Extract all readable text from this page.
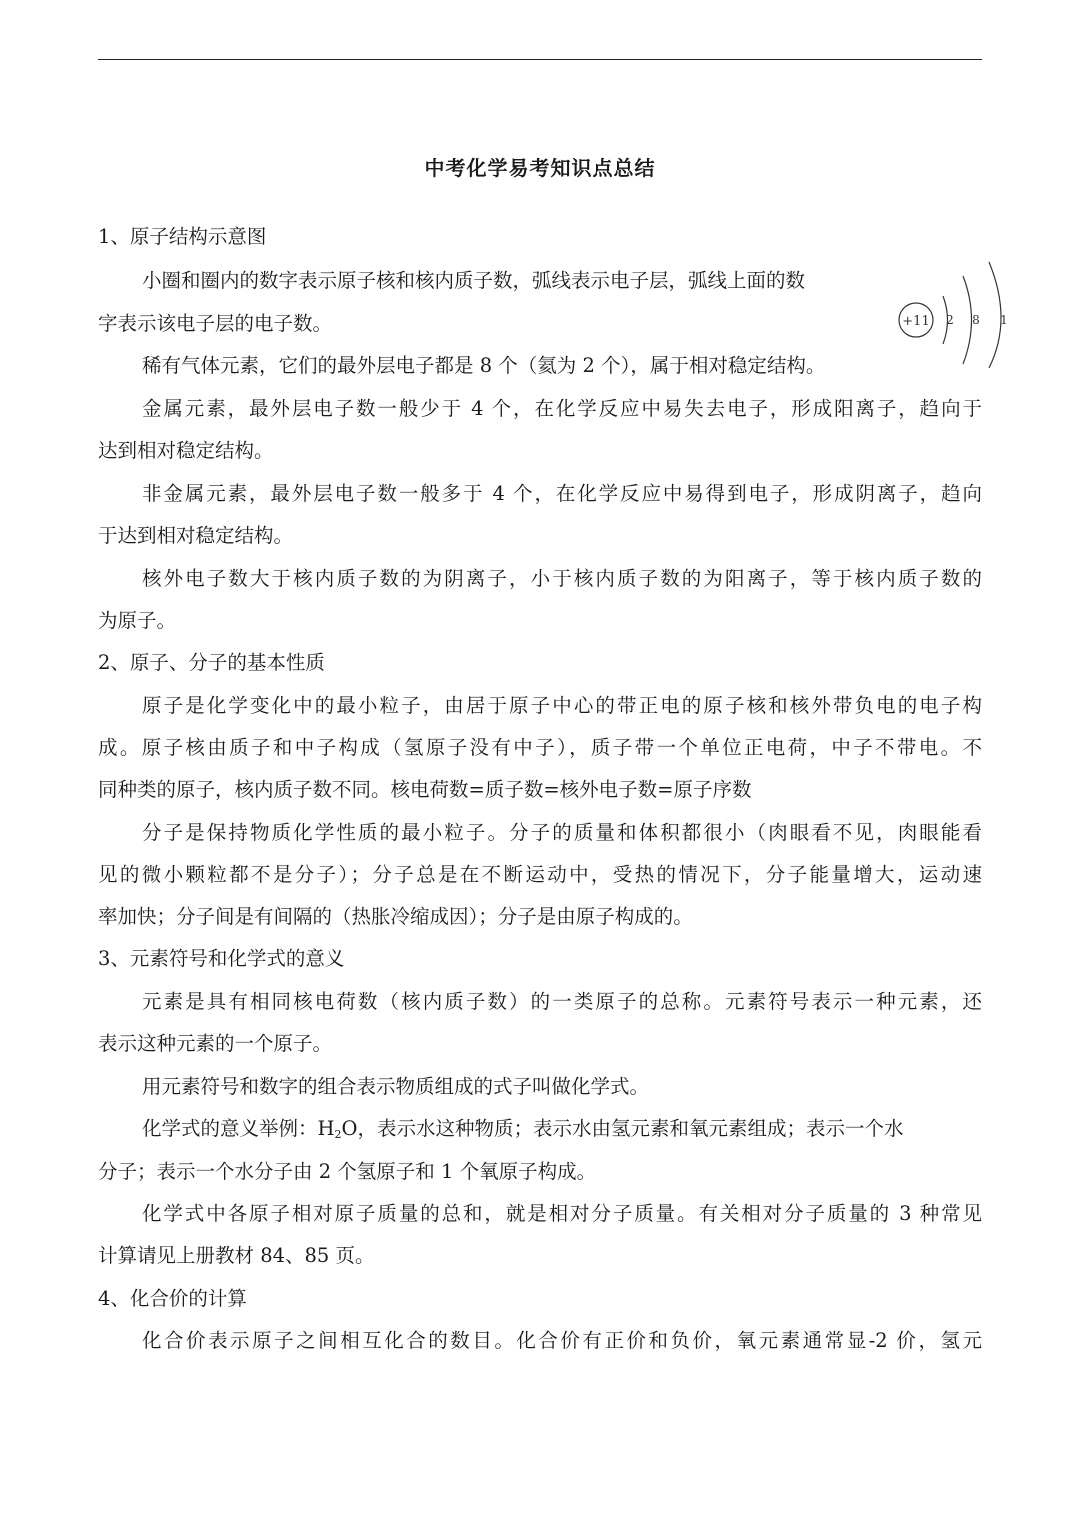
中考化学易考知识点总结
1、原子结构示意图
小圈和圈内的数字表示原子核和核内质子数，弧线表示电子层，弧线上面的数
字表示该电子层的电子数。
稀有气体元素，它们的最外层电子都是 8 个（氦为 2 个），属于相对稳定结构。
金属元素，最外层电子数一般少于 4 个，在化学反应中易失去电子，形成阳离子，趋向于
达到相对稳定结构。
非金属元素，最外层电子数一般多于 4 个，在化学反应中易得到电子，形成阴离子，趋向
于达到相对稳定结构。
核外电子数大于核内质子数的为阴离子，小于核内质子数的为阳离子，等于核内质子数的
为原子。
2、原子、分子的基本性质
原子是化学变化中的最小粒子，由居于原子中心的带正电的原子核和核外带负电的电子构
成。原子核由质子和中子构成（氢原子没有中子），质子带一个单位正电荷，中子不带电。不
同种类的原子，核内质子数不同。核电荷数=质子数=核外电子数=原子序数
分子是保持物质化学性质的最小粒子。分子的质量和体积都很小（肉眼看不见，肉眼能看
见的微小颗粒都不是分子）；分子总是在不断运动中，受热的情况下，分子能量增大，运动速
率加快；分子间是有间隔的（热胀冷缩成因）；分子是由原子构成的。
3、元素符号和化学式的意义
元素是具有相同核电荷数（核内质子数）的一类原子的总称。元素符号表示一种元素，还
表示这种元素的一个原子。
用元素符号和数字的组合表示物质组成的式子叫做化学式。
化学式的意义举例：$H_2O$，表示水这种物质；表示水由氢元素和氧元素组成；表示一个水
分子；表示一个水分子由 2 个氢原子和 1 个氧原子构成。
化学式中各原子相对原子质量的总和，就是相对分子质量。有关相对分子质量的 3 种常见
计算请见上册教材 84、85 页。
4、化合价的计算
化合价表示原子之间相互化合的数目。化合价有正价和负价，氧元素通常显-2 价，氢元
+11 2 8 1
